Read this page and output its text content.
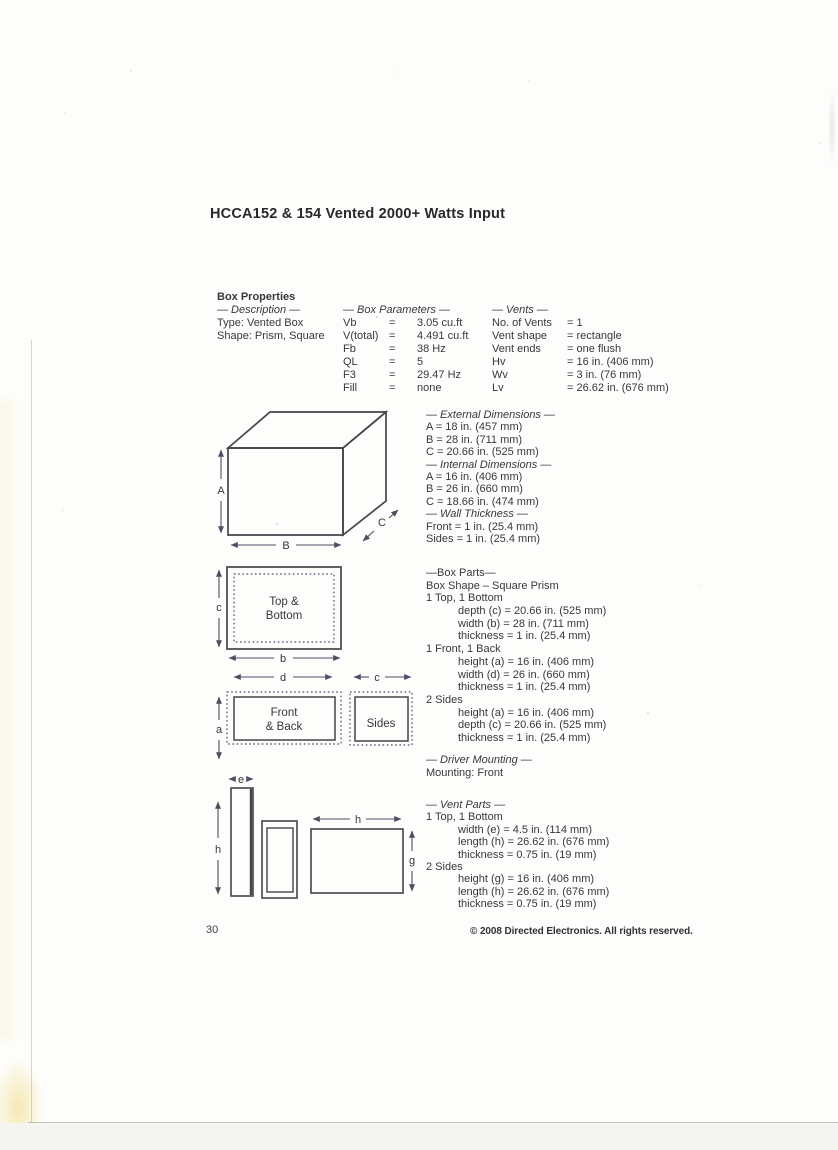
HCCA152 & 154 Vented 2000+ Watts Input
Box Properties
— Description —
Type: Vented Box
Shape: Prism, Square
— Box Parameters —
Vb	= 3.05 cu.ft
V(total) = 4.491 cu.ft
Fb	= 38 Hz
QL	= 5
F3	= 29.47 Hz
Fill	= none
— Vents —
No. of Vents = 1
Vent shape = rectangle
Vent ends = one flush
Hv	= 16 in. (406 mm)
Wv	= 3 in. (76 mm)
Lv	= 26.62 in. (676 mm)
— External Dimensions —
A = 18 in. (457 mm)
B = 28 in. (711 mm)
C = 20.66 in. (525 mm)
— Internal Dimensions —
A = 16 in. (406 mm)
B = 26 in. (660 mm)
C = 18.66 in. (474 mm)
— Wall Thickness —
Front = 1 in. (25.4 mm)
Sides = 1 in. (25.4 mm)
—Box Parts—
Box Shape – Square Prism
1 Top, 1 Bottom
depth (c) = 20.66 in. (525 mm)
width (b) = 28 in. (711 mm)
thickness = 1 in. (25.4 mm)
1 Front, 1 Back
height (a) = 16 in. (406 mm)
width (d) = 26 in. (660 mm)
thickness = 1 in. (25.4 mm)
2 Sides
height (a) = 16 in. (406 mm)
depth (c) = 20.66 in. (525 mm)
thickness = 1 in. (25.4 mm)
— Driver Mounting —
Mounting: Front
— Vent Parts —
1 Top, 1 Bottom
width (e) = 4.5 in. (114 mm)
length (h) = 26.62 in. (676 mm)
thickness = 0.75 in. (19 mm)
2 Sides
height (g) = 16 in. (406 mm)
length (h) = 26.62 in. (676 mm)
thickness = 0.75 in. (19 mm)
A
B
C
Top &
Bottom
c
b
d	c
Front
& Back
a	Sides
e
h
h
g
30	© 2008 Directed Electronics. All rights reserved.
